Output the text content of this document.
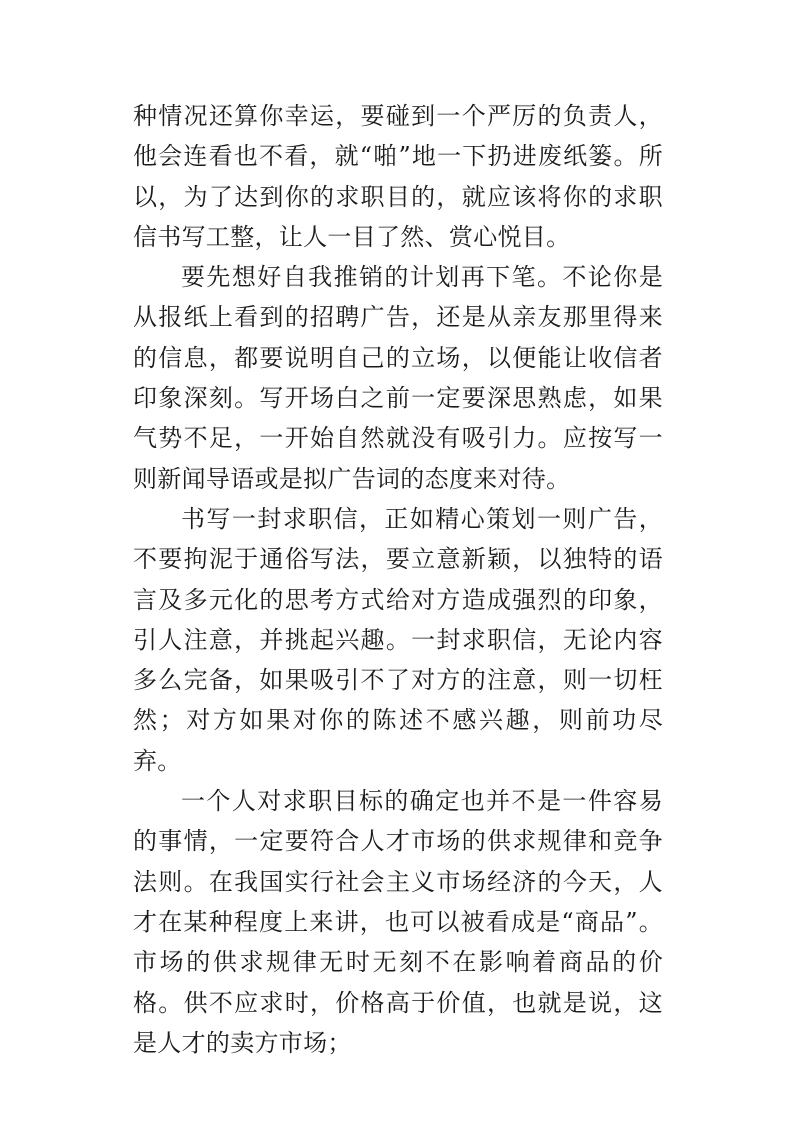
种情况还算你幸运，要碰到一个严厉的负责人，他会连看也不看，就“啪”地一下扔进废纸篓。所以，为了达到你的求职目的，就应该将你的求职信书写工整，让人一目了然、赏心悦目。

要先想好自我推销的计划再下笔。不论你是从报纸上看到的招聘广告，还是从亲友那里得来的信息，都要说明自己的立场，以便能让收信者印象深刻。写开场白之前一定要深思熟虑，如果气势不足，一开始自然就没有吸引力。应按写一则新闻导语或是拟广告词的态度来对待。

书写一封求职信，正如精心策划一则广告，不要拘泥于通俗写法，要立意新颖，以独特的语言及多元化的思考方式给对方造成强烈的印象，引人注意，并挑起兴趣。一封求职信，无论内容多么完备，如果吸引不了对方的注意，则一切枉然；对方如果对你的陈述不感兴趣，则前功尽弃。

一个人对求职目标的确定也并不是一件容易的事情，一定要符合人才市场的供求规律和竞争法则。在我国实行社会主义市场经济的今天，人才在某种程度上来讲，也可以被看成是“商品”。市场的供求规律无时无刻不在影响着商品的价格。供不应求时，价格高于价值，也就是说，这是人才的卖方市场；
